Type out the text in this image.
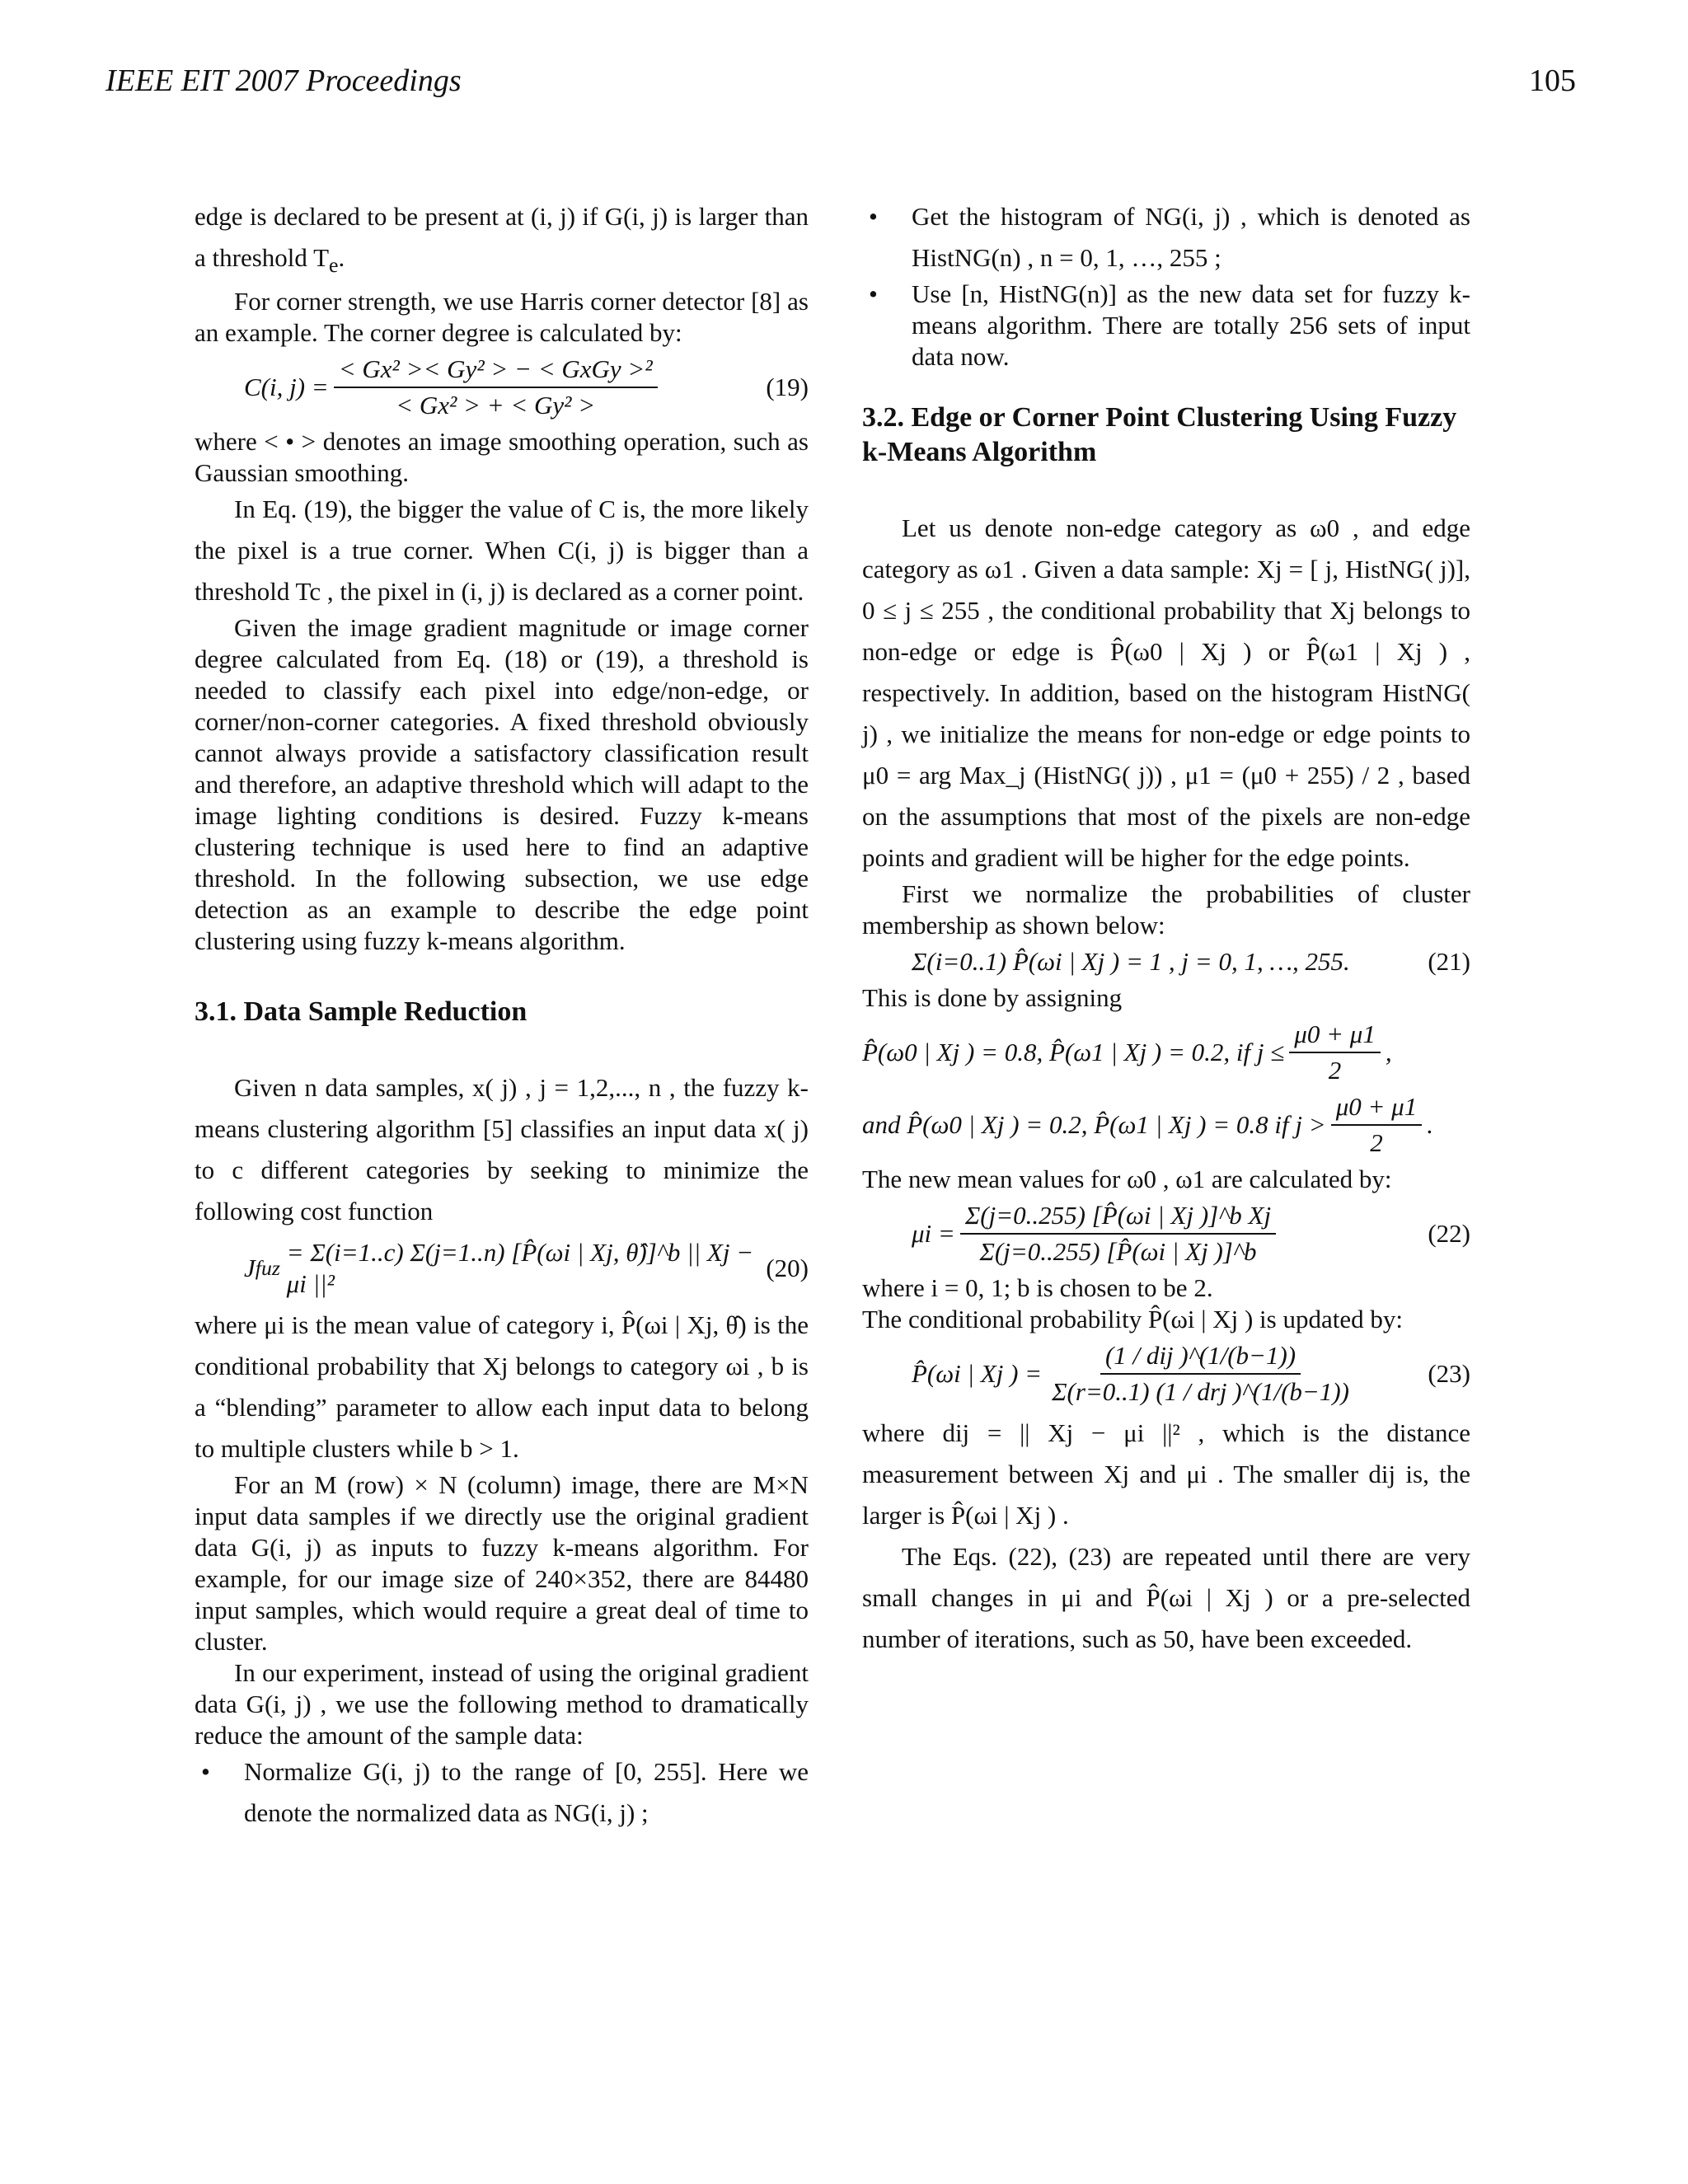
IEEE EIT 2007 Proceedings	105

edge is declared to be present at (i, j) if G(i, j) is larger than a threshold $T_e$.

For corner strength, we use Harris corner detector [8] as an example. The corner degree is calculated by:

C(i, $j) = \frac{\text{< Gx² >< Gy² > − < GxGy >²}}{\text{< Gx² > + < Gy² >}}$	(19)

where < • > denotes an image smoothing operation, such as Gaussian smoothing.

In Eq. (19), the bigger the value of C is, the more likely the pixel is a true corner. When C(i, j) is bigger than a threshold Tc , the pixel in (i, j) is declared as a corner point.

Given the image gradient magnitude or image corner degree calculated from Eq. (18) or (19), a threshold is needed to classify each pixel into edge/non-edge, or corner/non-corner categories. A fixed threshold obviously cannot always provide a satisfactory classification result and therefore, an adaptive threshold which will adapt to the image lighting conditions is desired. Fuzzy k-means clustering technique is used here to find an adaptive threshold. In the following subsection, we use edge detection as an example to describe the edge point clustering using fuzzy k-means algorithm.

3.1. Data Sample Reduction

Given n data samples, x( j) , j = 1,2,..., n , the fuzzy k-means clustering algorithm [5] classifies an input data x( j) to c different categories by seeking to minimize the following cost function

J fuz

= Σ(i=1..c) Σ(j=1..n) [P̂(ωi | Xj, θ̂)]^b || Xj − μi ||²
(20)

where μi is the mean value of category i, P̂(ωi | Xj, θ̂) is the conditional probability that Xj belongs to category ωi , b is a “blending” parameter to allow each input data to belong to multiple clusters while b > 1.

For an M (row) × N (column) image, there are M×N input data samples if we directly use the original gradient data G(i, j) as inputs to fuzzy k-means algorithm. For example, for our image size of 240×352, there are 84480 input samples, which would require a great deal of time to cluster.

In our experiment, instead of using the original gradient data G(i, j) , we use the following method to dramatically reduce the amount of the sample data:

• Normalize G(i, j) to the range of [0, 255]. Here we denote the normalized data as NG(i, j) ;
• Get the histogram of NG(i, j) , which is denoted as HistNG(n) , n = 0, 1, …, 255 ;
• Use [n, HistNG(n)] as the new data set for fuzzy k-means algorithm. There are totally 256 sets of input data now.
3.2. Edge or Corner Point Clustering Using Fuzzy k-Means Algorithm

Let us denote non-edge category as ω0 , and edge category as ω1 . Given a data sample: Xj = [ j, HistNG( j)], 0 ≤ j ≤ 255 , the conditional probability that Xj belongs to non-edge or edge is P̂(ω0 | Xj ) or P̂(ω1 | Xj ) , respectively. In addition, based on the histogram HistNG( j) , we initialize the means for non-edge or edge points to μ0 = arg Max_j (HistNG( j)) , μ1 = (μ0 + 255) / 2 , based on the assumptions that most of the pixels are non-edge points and gradient will be higher for the edge points.

First we normalize the probabilities of cluster membership as shown below:

Σ(i=0..1) P̂(ωi | Xj ) = 1 , j = 0, 1, …, 255.	(21)

This is done by assigning

P̂(ω0 | Xj ) = 0.8, P̂(ω1 | Xj ) = 0.2, if $j \le \frac{\mu 0 + \mu 1}{2}$ ,
and P̂(ω0 | Xj ) = 0.2, P̂(ω1 | Xj ) = 0.8 if $j > \frac{\mu 0 + \mu 1}{2}$ .

The new mean values for ω0 , ω1 are calculated by:

$\mu i = \frac{\text{Σ(j=0..255) [P̂(ωi | Xj )]\textasciicircum{}b Xj}}{\Sigma(j=0..255) [P̂(\omega i | Xj )]\^{}b}$	(22)

where i = 0, 1; b is chosen to be 2.

The conditional probability P̂(ωi | Xj ) is updated by:

P̂(ωi | Xj ) = $\frac{\text{(1 / dij )\textasciicircum{}(1/(b−1))}}{\text{Σ(r=0..1) (1 / drj )\textasciicircum{}(1/(b−1))}}$	(23)

where dij = || Xj − μi ||² , which is the distance measurement between Xj and μi . The smaller dij is, the larger is P̂(ωi | Xj ) .

The Eqs. (22), (23) are repeated until there are very small changes in μi and P̂(ωi | Xj ) or a pre-selected number of iterations, such as 50, have been exceeded.
